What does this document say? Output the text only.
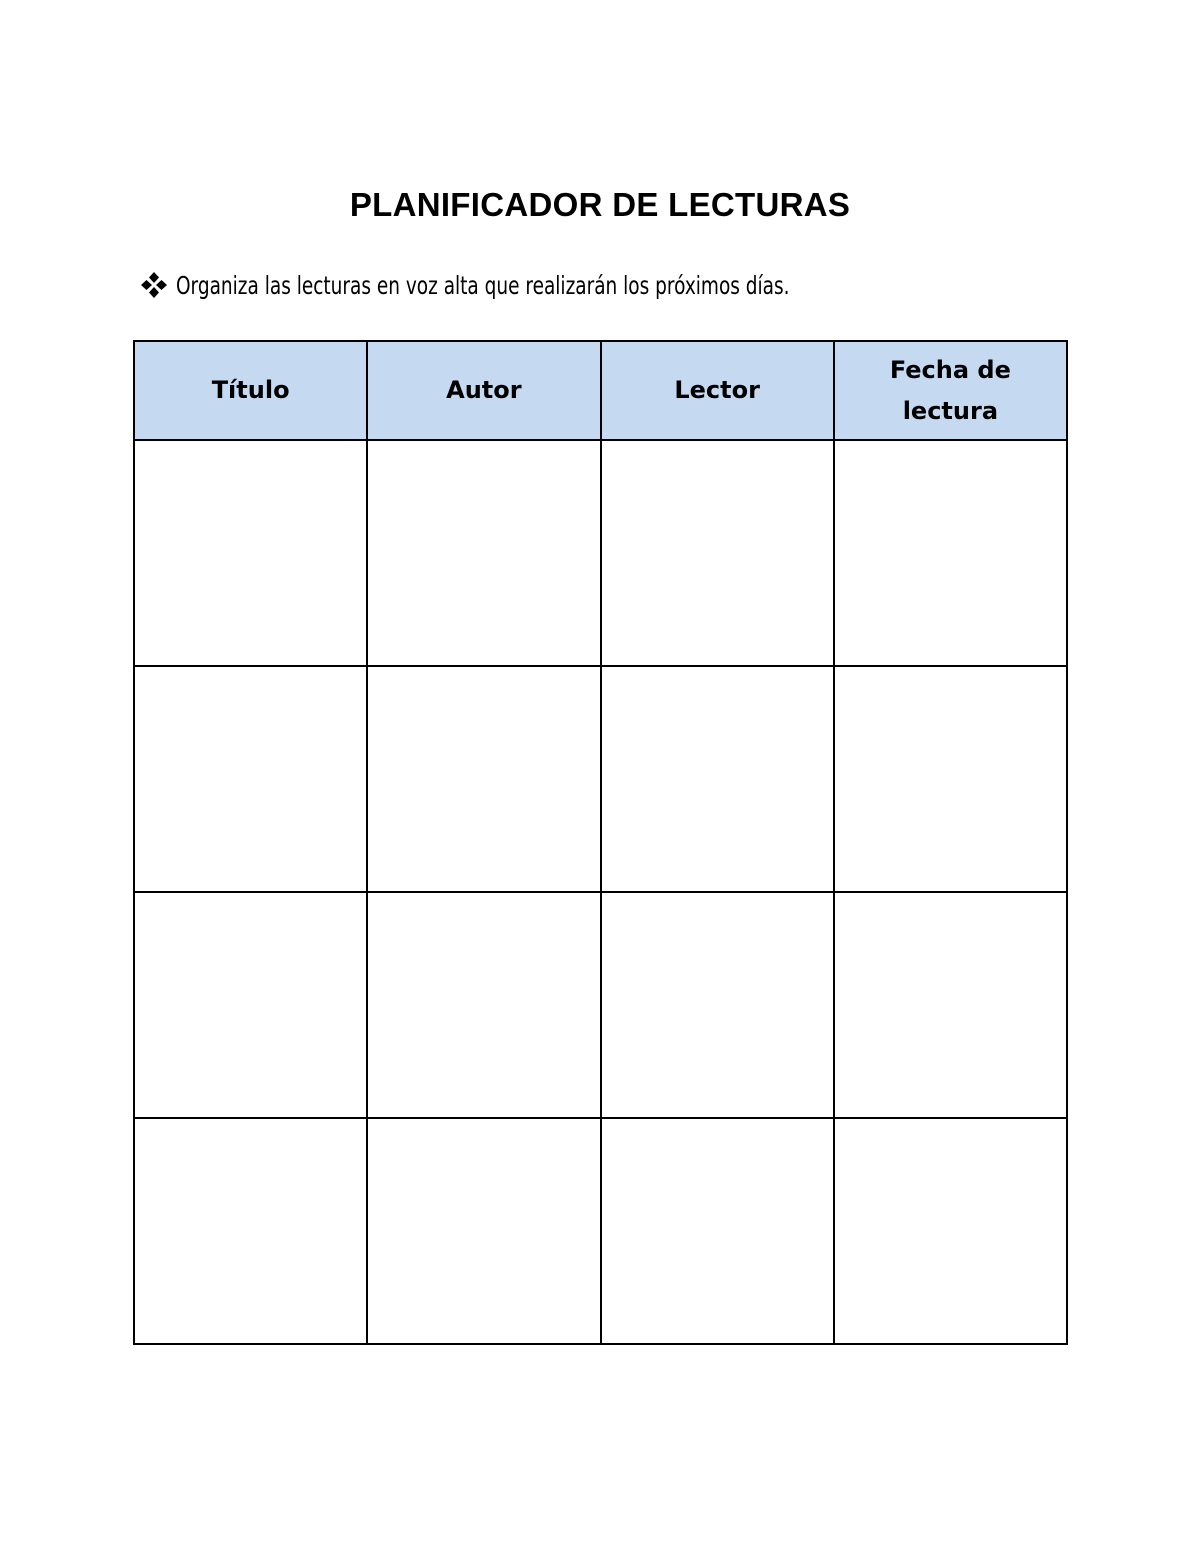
PLANIFICADOR DE LECTURAS
Organiza las lecturas en voz alta que realizarán los próximos días.
Título	Autor	Lector	Fecha de lectura
